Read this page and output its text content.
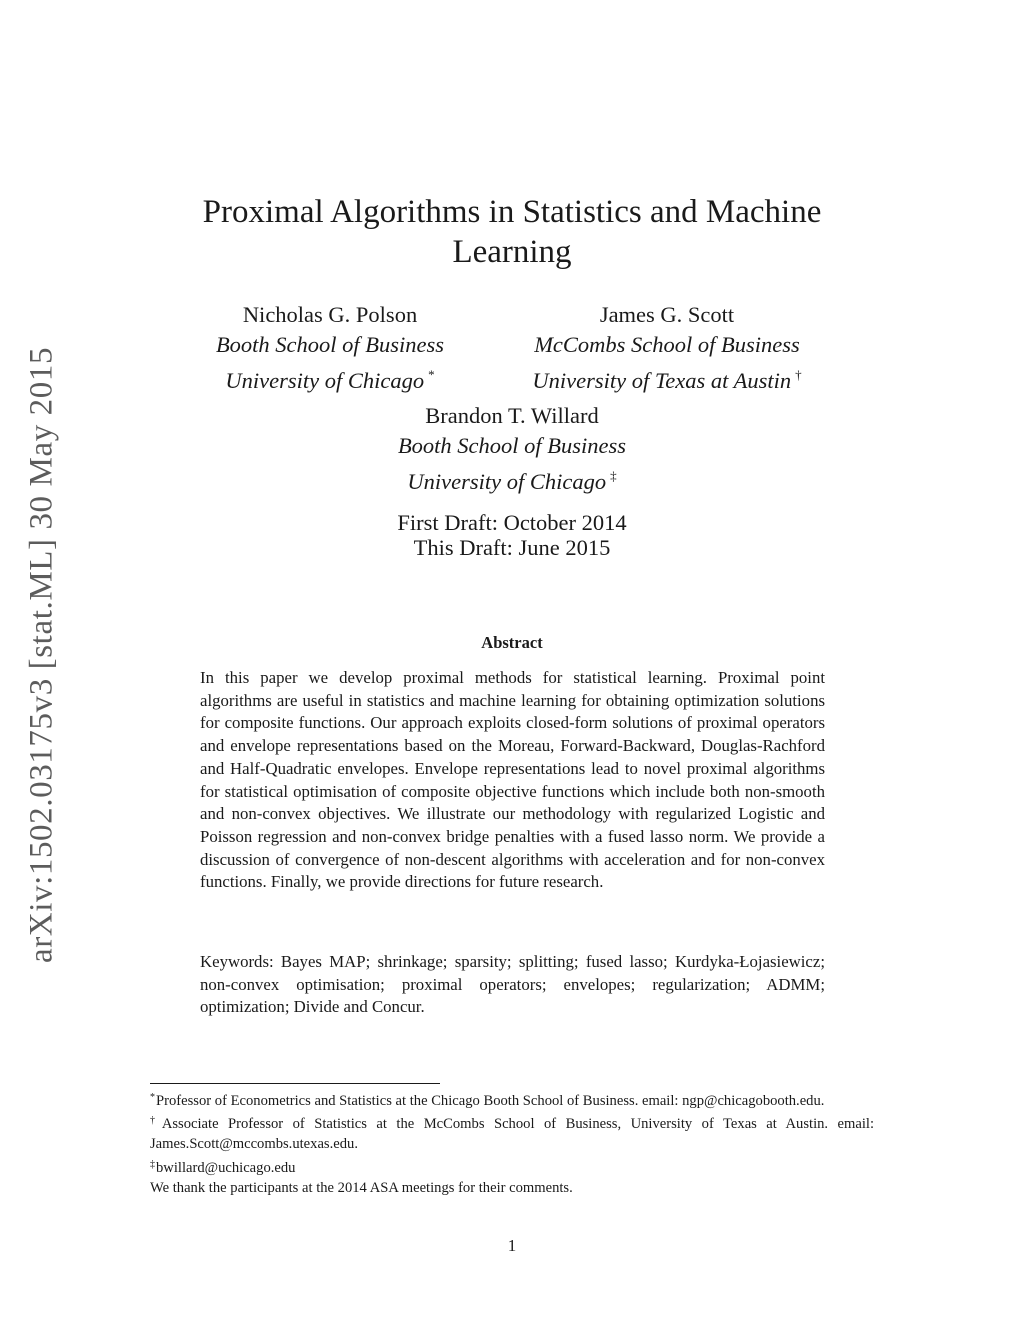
arXiv:1502.03175v3 [stat.ML] 30 May 2015
Proximal Algorithms in Statistics and Machine Learning
Nicholas G. Polson
Booth School of Business
University of Chicago *
James G. Scott
McCombs School of Business
University of Texas at Austin †
Brandon T. Willard
Booth School of Business
University of Chicago ‡
First Draft: October 2014
This Draft: June 2015
Abstract

In this paper we develop proximal methods for statistical learning. Proximal point algorithms are useful in statistics and machine learning for obtaining optimization solutions for composite functions. Our approach exploits closed-form solutions of proximal operators and envelope representations based on the Moreau, Forward-Backward, Douglas-Rachford and Half-Quadratic envelopes. Envelope representations lead to novel proximal algorithms for statistical optimisation of composite objective functions which include both non-smooth and non-convex objectives. We illustrate our methodology with regularized Logistic and Poisson regression and non-convex bridge penalties with a fused lasso norm. We provide a discussion of convergence of non-descent algorithms with acceleration and for non-convex functions. Finally, we provide directions for future research.

Keywords: Bayes MAP; shrinkage; sparsity; splitting; fused lasso; Kurdyka-Łojasiewicz; non-convex optimisation; proximal operators; envelopes; regularization; ADMM; optimization; Divide and Concur.

*Professor of Econometrics and Statistics at the Chicago Booth School of Business. email: ngp@chicagobooth.edu.

†Associate Professor of Statistics at the McCombs School of Business, University of Texas at Austin. email: James.Scott@mccombs.utexas.edu.

‡bwillard@uchicago.edu

We thank the participants at the 2014 ASA meetings for their comments.

1
